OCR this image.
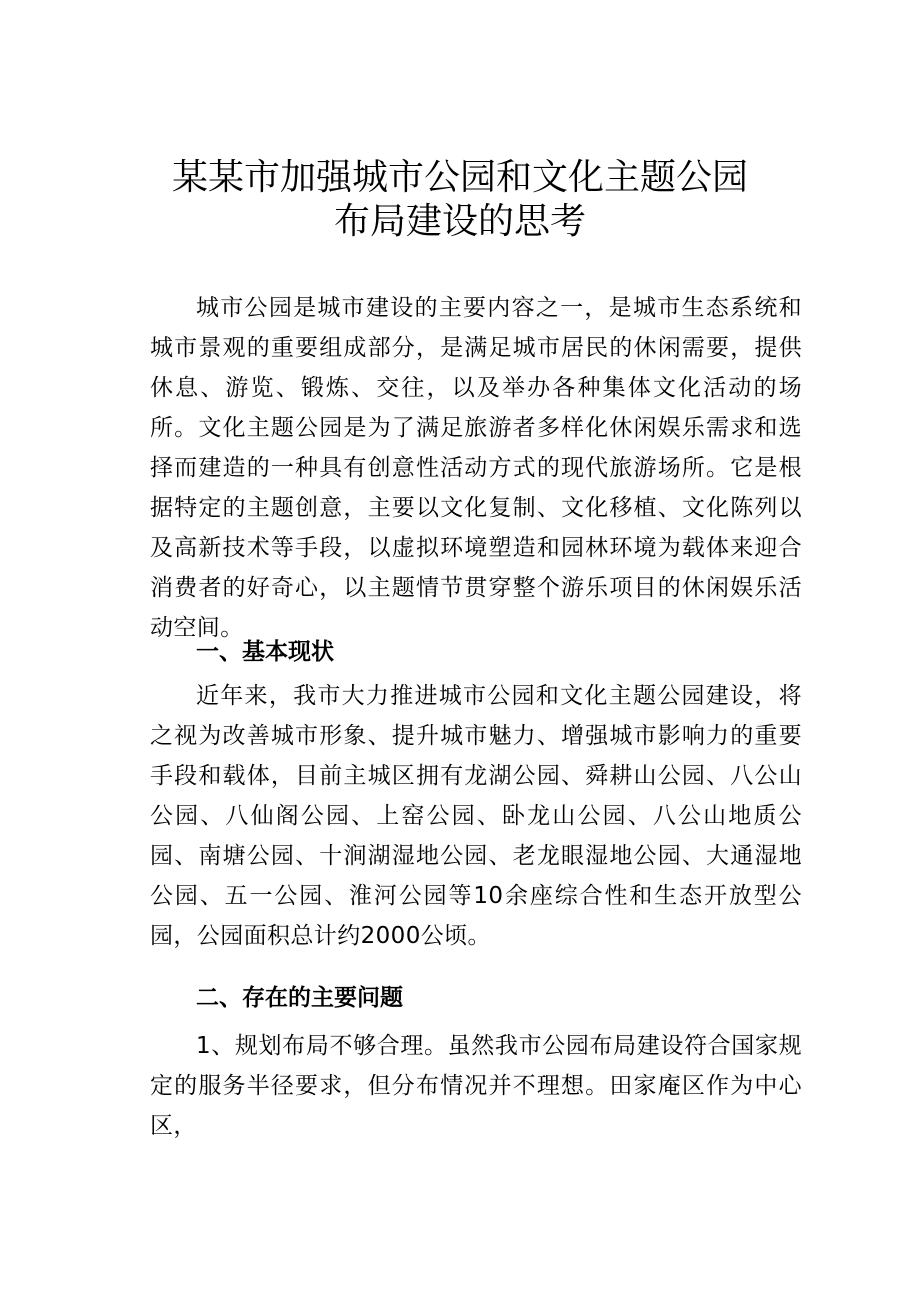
某某市加强城市公园和文化主题公园
布局建设的思考

城市公园是城市建设的主要内容之一，是城市生态系统和城市景观的重要组成部分，是满足城市居民的休闲需要，提供休息、游览、锻炼、交往，以及举办各种集体文化活动的场所。文化主题公园是为了满足旅游者多样化休闲娱乐需求和选择而建造的一种具有创意性活动方式的现代旅游场所。它是根据特定的主题创意，主要以文化复制、文化移植、文化陈列以及高新技术等手段，以虚拟环境塑造和园林环境为载体来迎合消费者的好奇心，以主题情节贯穿整个游乐项目的休闲娱乐活动空间。

一、基本现状

近年来，我市大力推进城市公园和文化主题公园建设，将之视为改善城市形象、提升城市魅力、增强城市影响力的重要手段和载体，目前主城区拥有龙湖公园、舜耕山公园、八公山公园、八仙阁公园、上窑公园、卧龙山公园、八公山地质公园、南塘公园、十涧湖湿地公园、老龙眼湿地公园、大通湿地公园、五一公园、淮河公园等10余座综合性和生态开放型公园，公园面积总计约2000公顷。

二、存在的主要问题

1、规划布局不够合理。虽然我市公园布局建设符合国家规定的服务半径要求，但分布情况并不理想。田家庵区作为中心区，
